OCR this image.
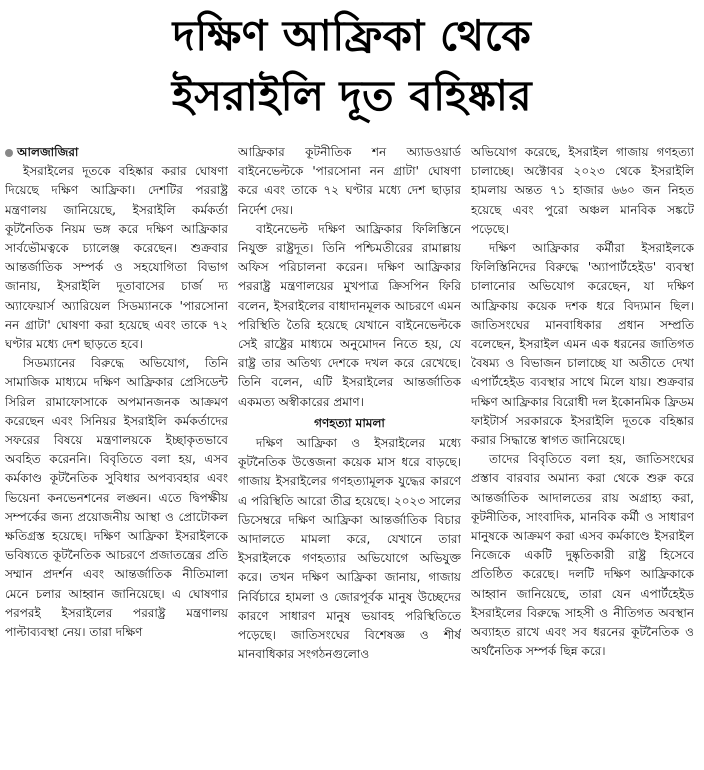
দক্ষিণ আফ্রিকা থেকে
ইসরাইলি দূত বহিষ্কার

আলজাজিরা

ইসরাইলের দূতকে বহিষ্কার করার ঘোষণা দিয়েছে দক্ষিণ আফ্রিকা। দেশটির পররাষ্ট্র মন্ত্রণালয় জানিয়েছে, ইসরাইলি কর্মকর্তা কূটনৈতিক নিয়ম ভঙ্গ করে দক্ষিণ আফ্রিকার সার্বভৌমত্বকে চ্যালেঞ্জ করেছেন। শুক্রবার আন্তর্জাতিক সম্পর্ক ও সহযোগিতা বিভাগ জানায়, ইসরাইলি দূতাবাসের চার্জ দ্য অ্যাফেয়ার্স অ্যারিয়েল সিডম্যানকে 'পারসোনা নন গ্রাটা' ঘোষণা করা হয়েছে এবং তাকে ৭২ ঘণ্টার মধ্যে দেশ ছাড়তে হবে।

সিডম্যানের বিরুদ্ধে অভিযোগ, তিনি সামাজিক মাধ্যমে দক্ষিণ আফ্রিকার প্রেসিডেন্ট সিরিল রামাফোসাকে অপমানজনক আক্রমণ করেছেন এবং সিনিয়র ইসরাইলি কর্মকর্তাদের সফরের বিষয়ে মন্ত্রণালয়কে ইচ্ছাকৃতভাবে অবহিত করেননি। বিবৃতিতে বলা হয়, এসব কর্মকাণ্ড কূটনৈতিক সুবিধার অপব্যবহার এবং ভিয়েনা কনভেনশনের লঙ্ঘন। এতে দ্বিপক্ষীয় সম্পর্কের জন্য প্রয়োজনীয় আস্থা ও প্রোটোকল ক্ষতিগ্রস্ত হয়েছে। দক্ষিণ আফ্রিকা ইসরাইলকে ভবিষ্যতে কূটনৈতিক আচরণে প্রজাতন্ত্রের প্রতি সম্মান প্রদর্শন এবং আন্তর্জাতিক নীতিমালা মেনে চলার আহ্বান জানিয়েছে। এ ঘোষণার পরপরই ইসরাইলের পররাষ্ট্র মন্ত্রণালয় পাল্টাব্যবস্থা নেয়। তারা দক্ষিণ

আফ্রিকার কূটনীতিক শন অ্যাডওয়ার্ড বাইনেভেল্টকে 'পারসোনা নন গ্রাটা' ঘোষণা করে এবং তাকে ৭২ ঘণ্টার মধ্যে দেশ ছাড়ার নির্দেশ দেয়।

বাইনেভেল্ট দক্ষিণ আফ্রিকার ফিলিস্তিনে নিযুক্ত রাষ্ট্রদূত। তিনি পশ্চিমতীরের রামাল্লায় অফিস পরিচালনা করেন। দক্ষিণ আফ্রিকার পররাষ্ট্র মন্ত্রণালয়ের মুখপাত্র ক্রিসপিন ফিরি বলেন, ইসরাইলের বাধাদানমূলক আচরণে এমন পরিস্থিতি তৈরি হয়েছে যেখানে বাইনেভেল্টকে সেই রাষ্ট্রের মাধ্যমে অনুমোদন নিতে হয়, যে রাষ্ট্র তার অতিথ্য দেশকে দখল করে রেখেছে। তিনি বলেন, এটি ইসরাইলের আন্তর্জাতিক একমত্য অস্বীকারের প্রমাণ।

গণহত্যা মামলা

দক্ষিণ আফ্রিকা ও ইসরাইলের মধ্যে কূটনৈতিক উত্তেজনা কয়েক মাস ধরে বাড়ছে। গাজায় ইসরাইলের গণহত্যামূলক যুদ্ধের কারণে এ পরিস্থিতি আরো তীব্র হয়েছে। ২০২৩ সালের ডিসেম্বরে দক্ষিণ আফ্রিকা আন্তর্জাতিক বিচার আদালতে মামলা করে, যেখানে তারা ইসরাইলকে গণহত্যার অভিযোগে অভিযুক্ত করে। তখন দক্ষিণ আফ্রিকা জানায়, গাজায় নির্বিচারে হামলা ও জোরপূর্বক মানুষ উচ্ছেদের কারণে সাধারণ মানুষ ভয়াবহ পরিস্থিতিতে পড়েছে। জাতিসংঘের বিশেষজ্ঞ ও শীর্ষ মানবাধিকার সংগঠনগুলোও

অভিযোগ করেছে, ইসরাইল গাজায় গণহত্যা চালাচ্ছে। অক্টোবর ২০২৩ থেকে ইসরাইলি হামলায় অন্তত ৭১ হাজার ৬৬০ জন নিহত হয়েছে এবং পুরো অঞ্চল মানবিক সঙ্কটে পড়েছে।

দক্ষিণ আফ্রিকার কর্মীরা ইসরাইলকে ফিলিস্তিনিদের বিরুদ্ধে 'অ্যাপার্টহেইড' ব্যবস্থা চালানোর অভিযোগ করেছেন, যা দক্ষিণ আফ্রিকায় কয়েক দশক ধরে বিদ্যমান ছিল। জাতিসংঘের মানবাধিকার প্রধান সম্প্রতি বলেছেন, ইসরাইল এমন এক ধরনের জাতিগত বৈষম্য ও বিভাজন চালাচ্ছে যা অতীতে দেখা এপার্টহেইড ব্যবস্থার সাথে মিলে যায়। শুক্রবার দক্ষিণ আফ্রিকার বিরোধী দল ইকোনমিক ফ্রিডম ফাইটার্স সরকারকে ইসরাইলি দূতকে বহিষ্কার করার সিদ্ধান্তে স্বাগত জানিয়েছে।

তাদের বিবৃতিতে বলা হয়, জাতিসংঘের প্রস্তাব বারবার অমান্য করা থেকে শুরু করে আন্তর্জাতিক আদালতের রায় অগ্রাহ্য করা, কূটনীতিক, সাংবাদিক, মানবিক কর্মী ও সাধারণ মানুষকে আক্রমণ করা এসব কর্মকাণ্ডে ইসরাইল নিজেকে একটি দুষ্কৃতিকারী রাষ্ট্র হিসেবে প্রতিষ্ঠিত করেছে। দলটি দক্ষিণ আফ্রিকাকে আহ্বান জানিয়েছে, তারা যেন এপার্টহেইড ইসরাইলের বিরুদ্ধে সাহসী ও নীতিগত অবস্থান অব্যাহত রাখে এবং সব ধরনের কূটনৈতিক ও অর্থনৈতিক সম্পর্ক ছিন্ন করে।
